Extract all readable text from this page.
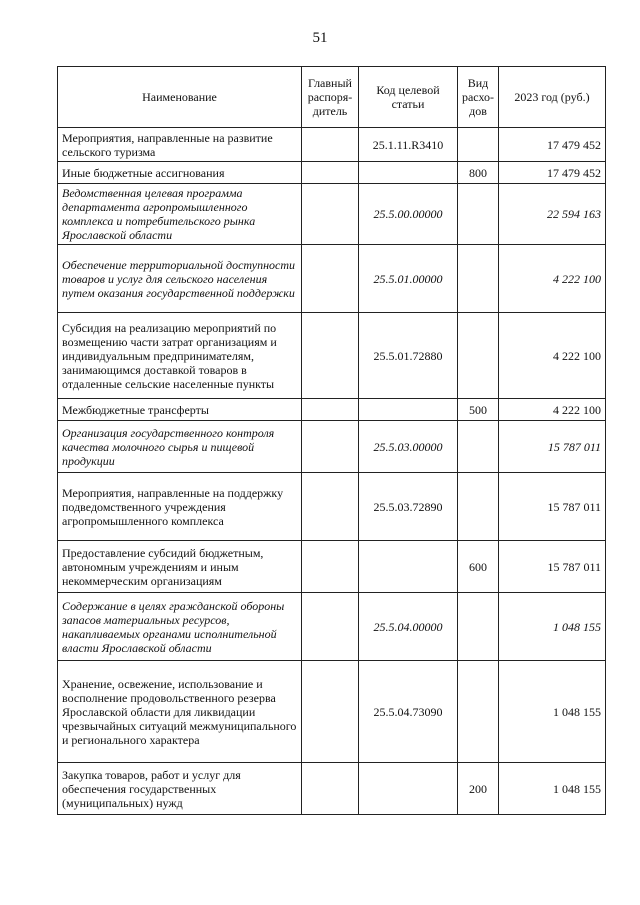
51
Наименование	Главный распоря-дитель	Код целевой статьи	Вид расхо-дов	2023 год (руб.)
Мероприятия, направленные на развитие сельского туризма		25.1.11.R3410		17 479 452
Иные бюджетные ассигнования			800	17 479 452
Ведомственная целевая программа департамента агропромышленного комплекса и потребительского рынка Ярославской области		25.5.00.00000		22 594 163
Обеспечение территориальной доступности товаров и услуг для сельского населения путем оказания государственной поддержки		25.5.01.00000		4 222 100
Субсидия на реализацию мероприятий по возмещению части затрат организациям и индивидуальным предпринимателям, занимающимся доставкой товаров в отдаленные сельские населенные пункты		25.5.01.72880		4 222 100
Межбюджетные трансферты			500	4 222 100
Организация государственного контроля качества молочного сырья и пищевой продукции		25.5.03.00000		15 787 011
Мероприятия, направленные на поддержку подведомственного учреждения агропромышленного комплекса		25.5.03.72890		15 787 011
Предоставление субсидий бюджетным, автономным учреждениям и иным некоммерческим организациям			600	15 787 011
Содержание в целях гражданской обороны запасов материальных ресурсов, накапливаемых органами исполнительной власти Ярославской области		25.5.04.00000		1 048 155
Хранение, освежение, использование и восполнение продовольственного резерва Ярославской области для ликвидации чрезвычайных ситуаций межмуниципального и регионального характера		25.5.04.73090		1 048 155
Закупка товаров, работ и услуг для обеспечения государственных (муниципальных) нужд			200	1 048 155
